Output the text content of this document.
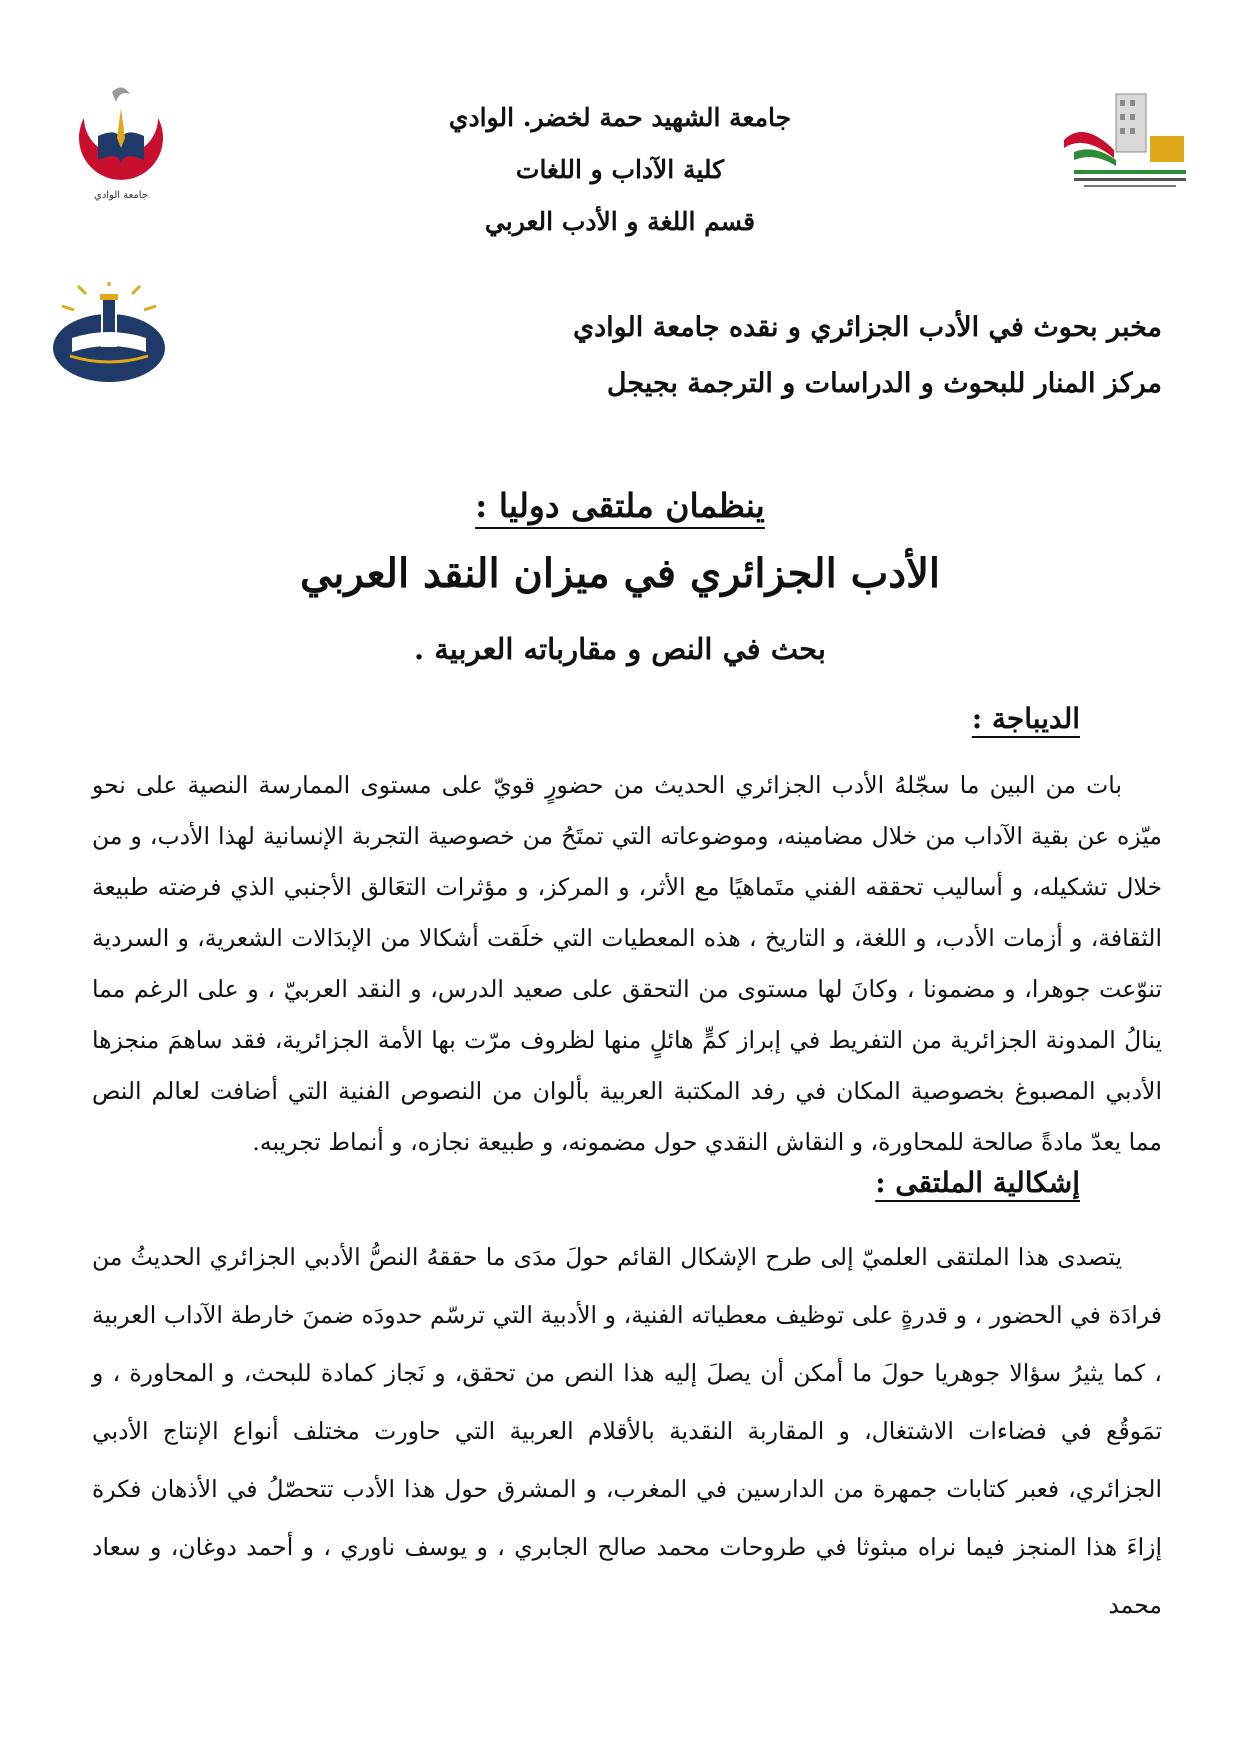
جامعة الوادي
جامعة الشهيد حمة لخضر. الوادي
كلية الآداب و اللغات
قسم اللغة و الأدب العربي
مخبر بحوث في الأدب الجزائري و نقده جامعة الوادي
مركز المنار للبحوث و الدراسات و الترجمة بجيجل
ينظمان ملتقى دوليا :
الأدب الجزائري في ميزان النقد العربي
بحث في النص و مقارباته العربية .
الديباجة :

بات من البين ما سجّلهُ الأدب الجزائري الحديث من حضورٍ قويّ على مستوى الممارسة النصية على نحو ميّزه عن بقية الآداب من خلال مضامينه، وموضوعاته التي تمتَحُ من خصوصية التجربة الإنسانية لهذا الأدب، و من خلال تشكيله، و أساليب تحققه الفني متَماهيًا مع الأثر، و المركز، و مؤثرات التعَالق الأجنبي الذي فرضته طبيعة الثقافة، و أزمات الأدب، و اللغة، و التاريخ ، هذه المعطيات التي خلَقت أشكالا من الإبدَالات الشعرية، و السردية تنوّعت جوهرا، و مضمونا ، وكانَ لها مستوى من التحقق على صعيد الدرس، و النقد العربيّ ، و على الرغم مما ينالُ المدونة الجزائرية من التفريط في إبراز كمٍّ هائلٍ منها لظروف مرّت بها الأمة الجزائرية، فقد ساهمَ منجزها الأدبي المصبوغ بخصوصية المكان في رفد المكتبة العربية بألوان من النصوص الفنية التي أضافت لعالم النص مما يعدّ مادةً صالحة للمحاورة، و النقاش النقدي حول مضمونه، و طبيعة نجازه، و أنماط تجريبه.

إشكالية الملتقى :

يتصدى هذا الملتقى العلميّ إلى طرح الإشكال القائم حولَ مدَى ما حققهُ النصُّ الأدبي الجزائري الحديثُ من فرادَة في الحضور ، و قدرةٍ على توظيف معطياته الفنية، و الأدبية التي ترسّم حدودَه ضمنَ خارطة الآداب العربية ، كما يثيرُ سؤالا جوهريا حولَ ما أمكن أن يصلَ إليه هذا النص من تحقق، و نَجاز كمادة للبحث، و المحاورة ، و تمَوقُع في فضاءات الاشتغال، و المقاربة النقدية بالأقلام العربية التي حاورت مختلف أنواع الإنتاج الأدبي الجزائري، فعبر كتابات جمهرة من الدارسين في المغرب، و المشرق حول هذا الأدب تتحصّلُ في الأذهان فكرة إزاءَ هذا المنجز فيما نراه مبثوثا في طروحات محمد صالح الجابري ، و يوسف ناوري ، و أحمد دوغان، و سعاد محمد
